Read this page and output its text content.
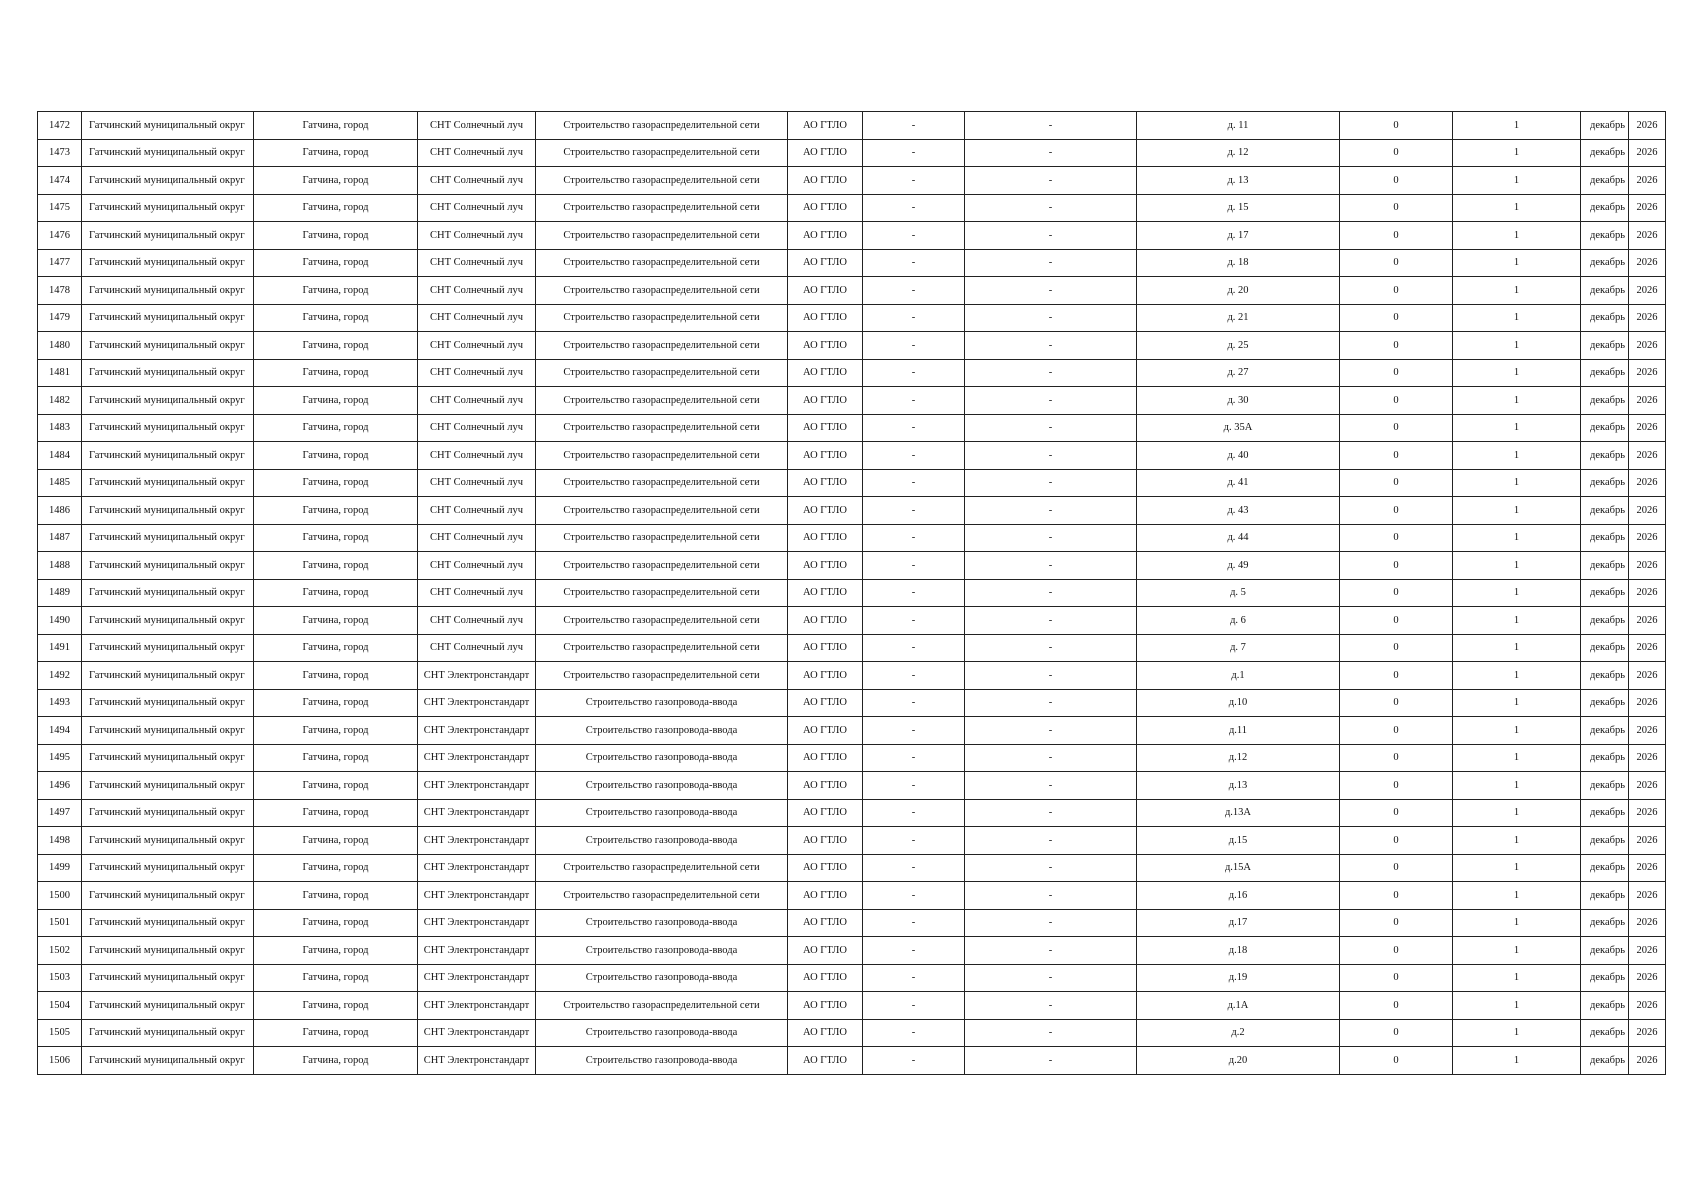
1472	Гатчинский муниципальный округ	Гатчина, город	СНТ Солнечный луч	Строительство газораспределительной сети	АО ГТЛО	-	-	д. 11	0	1	декабрь	2026
1473	Гатчинский муниципальный округ	Гатчина, город	СНТ Солнечный луч	Строительство газораспределительной сети	АО ГТЛО	-	-	д. 12	0	1	декабрь	2026
1474	Гатчинский муниципальный округ	Гатчина, город	СНТ Солнечный луч	Строительство газораспределительной сети	АО ГТЛО	-	-	д. 13	0	1	декабрь	2026
1475	Гатчинский муниципальный округ	Гатчина, город	СНТ Солнечный луч	Строительство газораспределительной сети	АО ГТЛО	-	-	д. 15	0	1	декабрь	2026
1476	Гатчинский муниципальный округ	Гатчина, город	СНТ Солнечный луч	Строительство газораспределительной сети	АО ГТЛО	-	-	д. 17	0	1	декабрь	2026
1477	Гатчинский муниципальный округ	Гатчина, город	СНТ Солнечный луч	Строительство газораспределительной сети	АО ГТЛО	-	-	д. 18	0	1	декабрь	2026
1478	Гатчинский муниципальный округ	Гатчина, город	СНТ Солнечный луч	Строительство газораспределительной сети	АО ГТЛО	-	-	д. 20	0	1	декабрь	2026
1479	Гатчинский муниципальный округ	Гатчина, город	СНТ Солнечный луч	Строительство газораспределительной сети	АО ГТЛО	-	-	д. 21	0	1	декабрь	2026
1480	Гатчинский муниципальный округ	Гатчина, город	СНТ Солнечный луч	Строительство газораспределительной сети	АО ГТЛО	-	-	д. 25	0	1	декабрь	2026
1481	Гатчинский муниципальный округ	Гатчина, город	СНТ Солнечный луч	Строительство газораспределительной сети	АО ГТЛО	-	-	д. 27	0	1	декабрь	2026
1482	Гатчинский муниципальный округ	Гатчина, город	СНТ Солнечный луч	Строительство газораспределительной сети	АО ГТЛО	-	-	д. 30	0	1	декабрь	2026
1483	Гатчинский муниципальный округ	Гатчина, город	СНТ Солнечный луч	Строительство газораспределительной сети	АО ГТЛО	-	-	д. 35А	0	1	декабрь	2026
1484	Гатчинский муниципальный округ	Гатчина, город	СНТ Солнечный луч	Строительство газораспределительной сети	АО ГТЛО	-	-	д. 40	0	1	декабрь	2026
1485	Гатчинский муниципальный округ	Гатчина, город	СНТ Солнечный луч	Строительство газораспределительной сети	АО ГТЛО	-	-	д. 41	0	1	декабрь	2026
1486	Гатчинский муниципальный округ	Гатчина, город	СНТ Солнечный луч	Строительство газораспределительной сети	АО ГТЛО	-	-	д. 43	0	1	декабрь	2026
1487	Гатчинский муниципальный округ	Гатчина, город	СНТ Солнечный луч	Строительство газораспределительной сети	АО ГТЛО	-	-	д. 44	0	1	декабрь	2026
1488	Гатчинский муниципальный округ	Гатчина, город	СНТ Солнечный луч	Строительство газораспределительной сети	АО ГТЛО	-	-	д. 49	0	1	декабрь	2026
1489	Гатчинский муниципальный округ	Гатчина, город	СНТ Солнечный луч	Строительство газораспределительной сети	АО ГТЛО	-	-	д. 5	0	1	декабрь	2026
1490	Гатчинский муниципальный округ	Гатчина, город	СНТ Солнечный луч	Строительство газораспределительной сети	АО ГТЛО	-	-	д. 6	0	1	декабрь	2026
1491	Гатчинский муниципальный округ	Гатчина, город	СНТ Солнечный луч	Строительство газораспределительной сети	АО ГТЛО	-	-	д. 7	0	1	декабрь	2026
1492	Гатчинский муниципальный округ	Гатчина, город	СНТ Электронстандарт	Строительство газораспределительной сети	АО ГТЛО	-	-	д.1	0	1	декабрь	2026
1493	Гатчинский муниципальный округ	Гатчина, город	СНТ Электронстандарт	Строительство газопровода-ввода	АО ГТЛО	-	-	д.10	0	1	декабрь	2026
1494	Гатчинский муниципальный округ	Гатчина, город	СНТ Электронстандарт	Строительство газопровода-ввода	АО ГТЛО	-	-	д.11	0	1	декабрь	2026
1495	Гатчинский муниципальный округ	Гатчина, город	СНТ Электронстандарт	Строительство газопровода-ввода	АО ГТЛО	-	-	д.12	0	1	декабрь	2026
1496	Гатчинский муниципальный округ	Гатчина, город	СНТ Электронстандарт	Строительство газопровода-ввода	АО ГТЛО	-	-	д.13	0	1	декабрь	2026
1497	Гатчинский муниципальный округ	Гатчина, город	СНТ Электронстандарт	Строительство газопровода-ввода	АО ГТЛО	-	-	д.13А	0	1	декабрь	2026
1498	Гатчинский муниципальный округ	Гатчина, город	СНТ Электронстандарт	Строительство газопровода-ввода	АО ГТЛО	-	-	д.15	0	1	декабрь	2026
1499	Гатчинский муниципальный округ	Гатчина, город	СНТ Электронстандарт	Строительство газораспределительной сети	АО ГТЛО	-	-	д.15А	0	1	декабрь	2026
1500	Гатчинский муниципальный округ	Гатчина, город	СНТ Электронстандарт	Строительство газораспределительной сети	АО ГТЛО	-	-	д.16	0	1	декабрь	2026
1501	Гатчинский муниципальный округ	Гатчина, город	СНТ Электронстандарт	Строительство газопровода-ввода	АО ГТЛО	-	-	д.17	0	1	декабрь	2026
1502	Гатчинский муниципальный округ	Гатчина, город	СНТ Электронстандарт	Строительство газопровода-ввода	АО ГТЛО	-	-	д.18	0	1	декабрь	2026
1503	Гатчинский муниципальный округ	Гатчина, город	СНТ Электронстандарт	Строительство газопровода-ввода	АО ГТЛО	-	-	д.19	0	1	декабрь	2026
1504	Гатчинский муниципальный округ	Гатчина, город	СНТ Электронстандарт	Строительство газораспределительной сети	АО ГТЛО	-	-	д.1А	0	1	декабрь	2026
1505	Гатчинский муниципальный округ	Гатчина, город	СНТ Электронстандарт	Строительство газопровода-ввода	АО ГТЛО	-	-	д.2	0	1	декабрь	2026
1506	Гатчинский муниципальный округ	Гатчина, город	СНТ Электронстандарт	Строительство газопровода-ввода	АО ГТЛО	-	-	д.20	0	1	декабрь	2026
